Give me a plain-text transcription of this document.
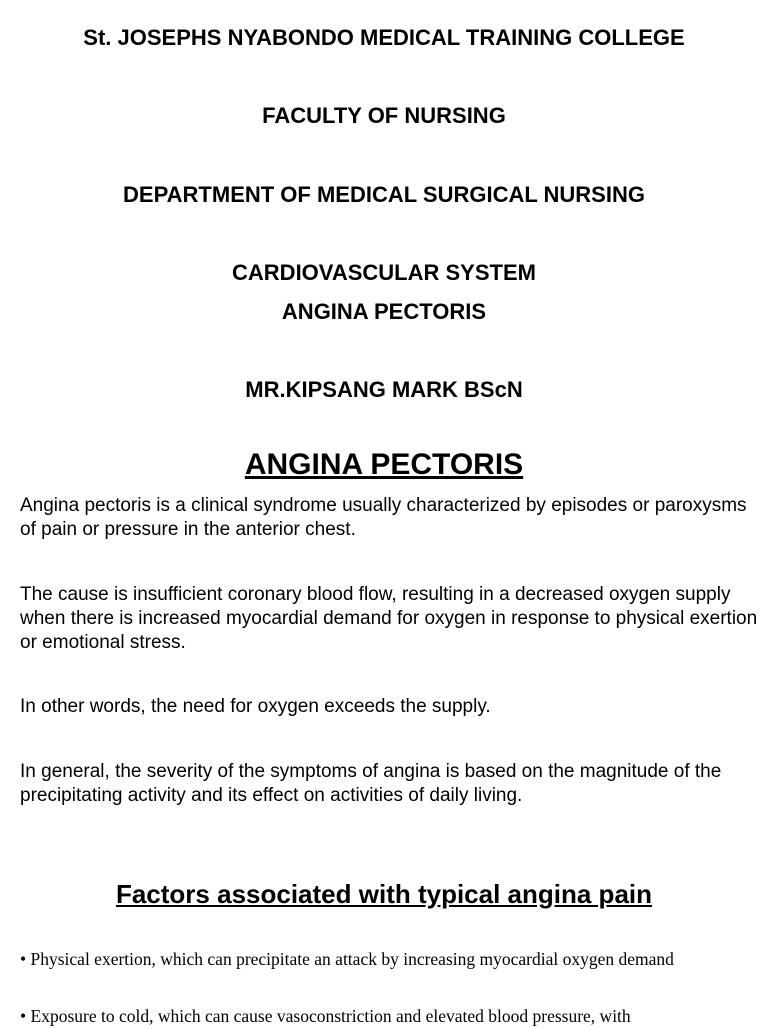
St. JOSEPHS NYABONDO MEDICAL TRAINING COLLEGE
FACULTY OF NURSING
DEPARTMENT OF MEDICAL SURGICAL NURSING
CARDIOVASCULAR SYSTEM
ANGINA PECTORIS
MR.KIPSANG MARK BScN
ANGINA PECTORIS
Angina pectoris is a clinical syndrome usually characterized by episodes or paroxysms of pain or pressure in the anterior chest.
The cause is insufficient coronary blood flow, resulting in a decreased oxygen supply when there is increased myocardial demand for oxygen in response to physical exertion or emotional stress.
In other words, the need for oxygen exceeds the supply.
In general, the severity of the symptoms of angina is based on the magnitude of the precipitating activity and its effect on activities of daily living.
Factors associated with typical angina pain
• Physical exertion, which can precipitate an attack by increasing myocardial oxygen demand
• Exposure to cold, which can cause vasoconstriction and elevated blood pressure, with
